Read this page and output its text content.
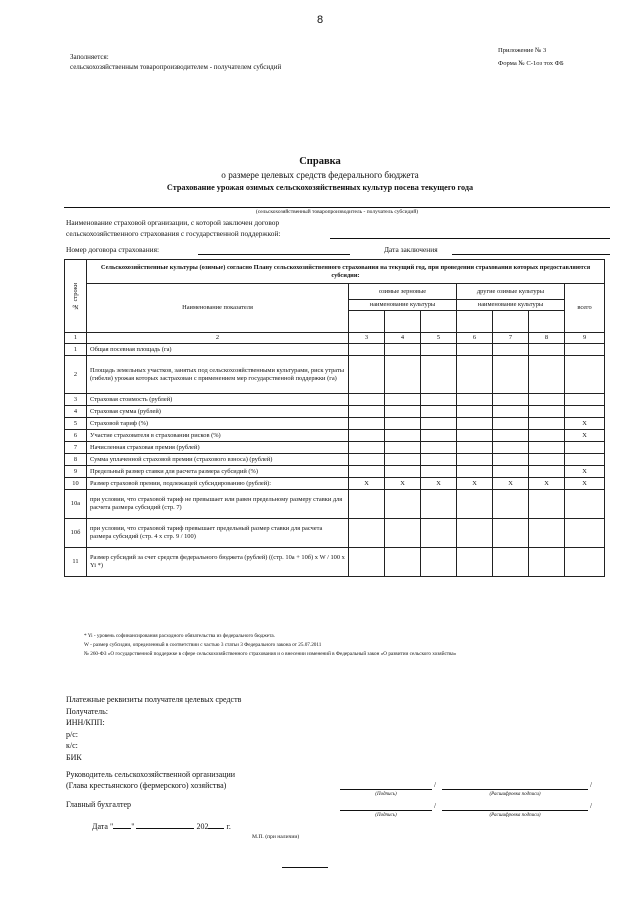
8
Заполняется:
сельскохозяйственным товаропроизводителем - получателем субсидий
Приложение № 3
Форма № С-1оз тох ФБ
Справка
о размере целевых средств федерального бюджета
Страхование урожая озимых сельскохозяйственных культур посева текущего года
(сельскохозяйственный товаропроизводитель - получатель субсидий)
Наименование страховой организации, с которой заключен договор
сельскохозяйственного страхования с государственной поддержкой:
Номер договора страхования:	Дата заключения
№ строки	Сельскохозяйственные культуры (озимые) согласно Плану сельскохозяйственного страхования на текущий год, при проведении страхования которых предоставляются субсидии:							
	Наименование показателя	озимые зерновые			другие озимые культуры			всего
		наименование культуры			наименование культуры			

1	2	3	4	5	6	7	8	9
1	Общая посевная площадь (га)							
2	Площадь земельных участков, занятых под сельскохозяйственными культурами, риск утраты (гибели) урожая которых застрахован с применением мер государственной поддержки (га)							
3	Страховая стоимость (рублей)							
4	Страховая сумма (рублей)							
5	Страховой тариф (%)							X
6	Участие страхователя в страховании рисков (%)							X
7	Начисленная страховая премия (рублей)							
8	Сумма уплаченной страховой премии (страхового взноса) (рублей)							
9	Предельный размер ставки для расчета размера субсидий (%)							X
10	Размер страховой премии, подлежащей субсидированию (рублей):	X	X	X	X	X	X	X
10а	при условии, что страховой тариф не превышает или равен предельному размеру ставки для расчета размера субсидий (стр. 7)							
10б	при условии, что страховой тариф превышает предельный размер ставки для расчета размера субсидий (стр. 4 х стр. 9 / 100)							
11	Размер субсидий за счет средств федерального бюджета (рублей) ((стр. 10а + 10б) х W / 100 х Yi *)							
* Yi - уровень софинансирования расходного обязательства из федерального бюджета.
W - размер субсидии, определенный в соответствии с частью 3 статьи 3 Федерального закона от 25.07.2011
№ 260-ФЗ «О государственной поддержке в сфере сельскохозяйственного страхования и о внесении изменений в Федеральный закон «О развитии сельского хозяйства»
Платежные реквизиты получателя целевых средств
Получатель:
ИНН/КПП:
р/с:
к/с:
БИК
Руководитель сельскохозяйственной организации
(Глава крестьянского (фермерского) хозяйства)	/	/
(Подпись)	(Расшифровка подписи)
Главный бухгалтер	/	/
(Подпись)	(Расшифровка подписи)
Дата " "	202 г.
М.П. (при наличии)
